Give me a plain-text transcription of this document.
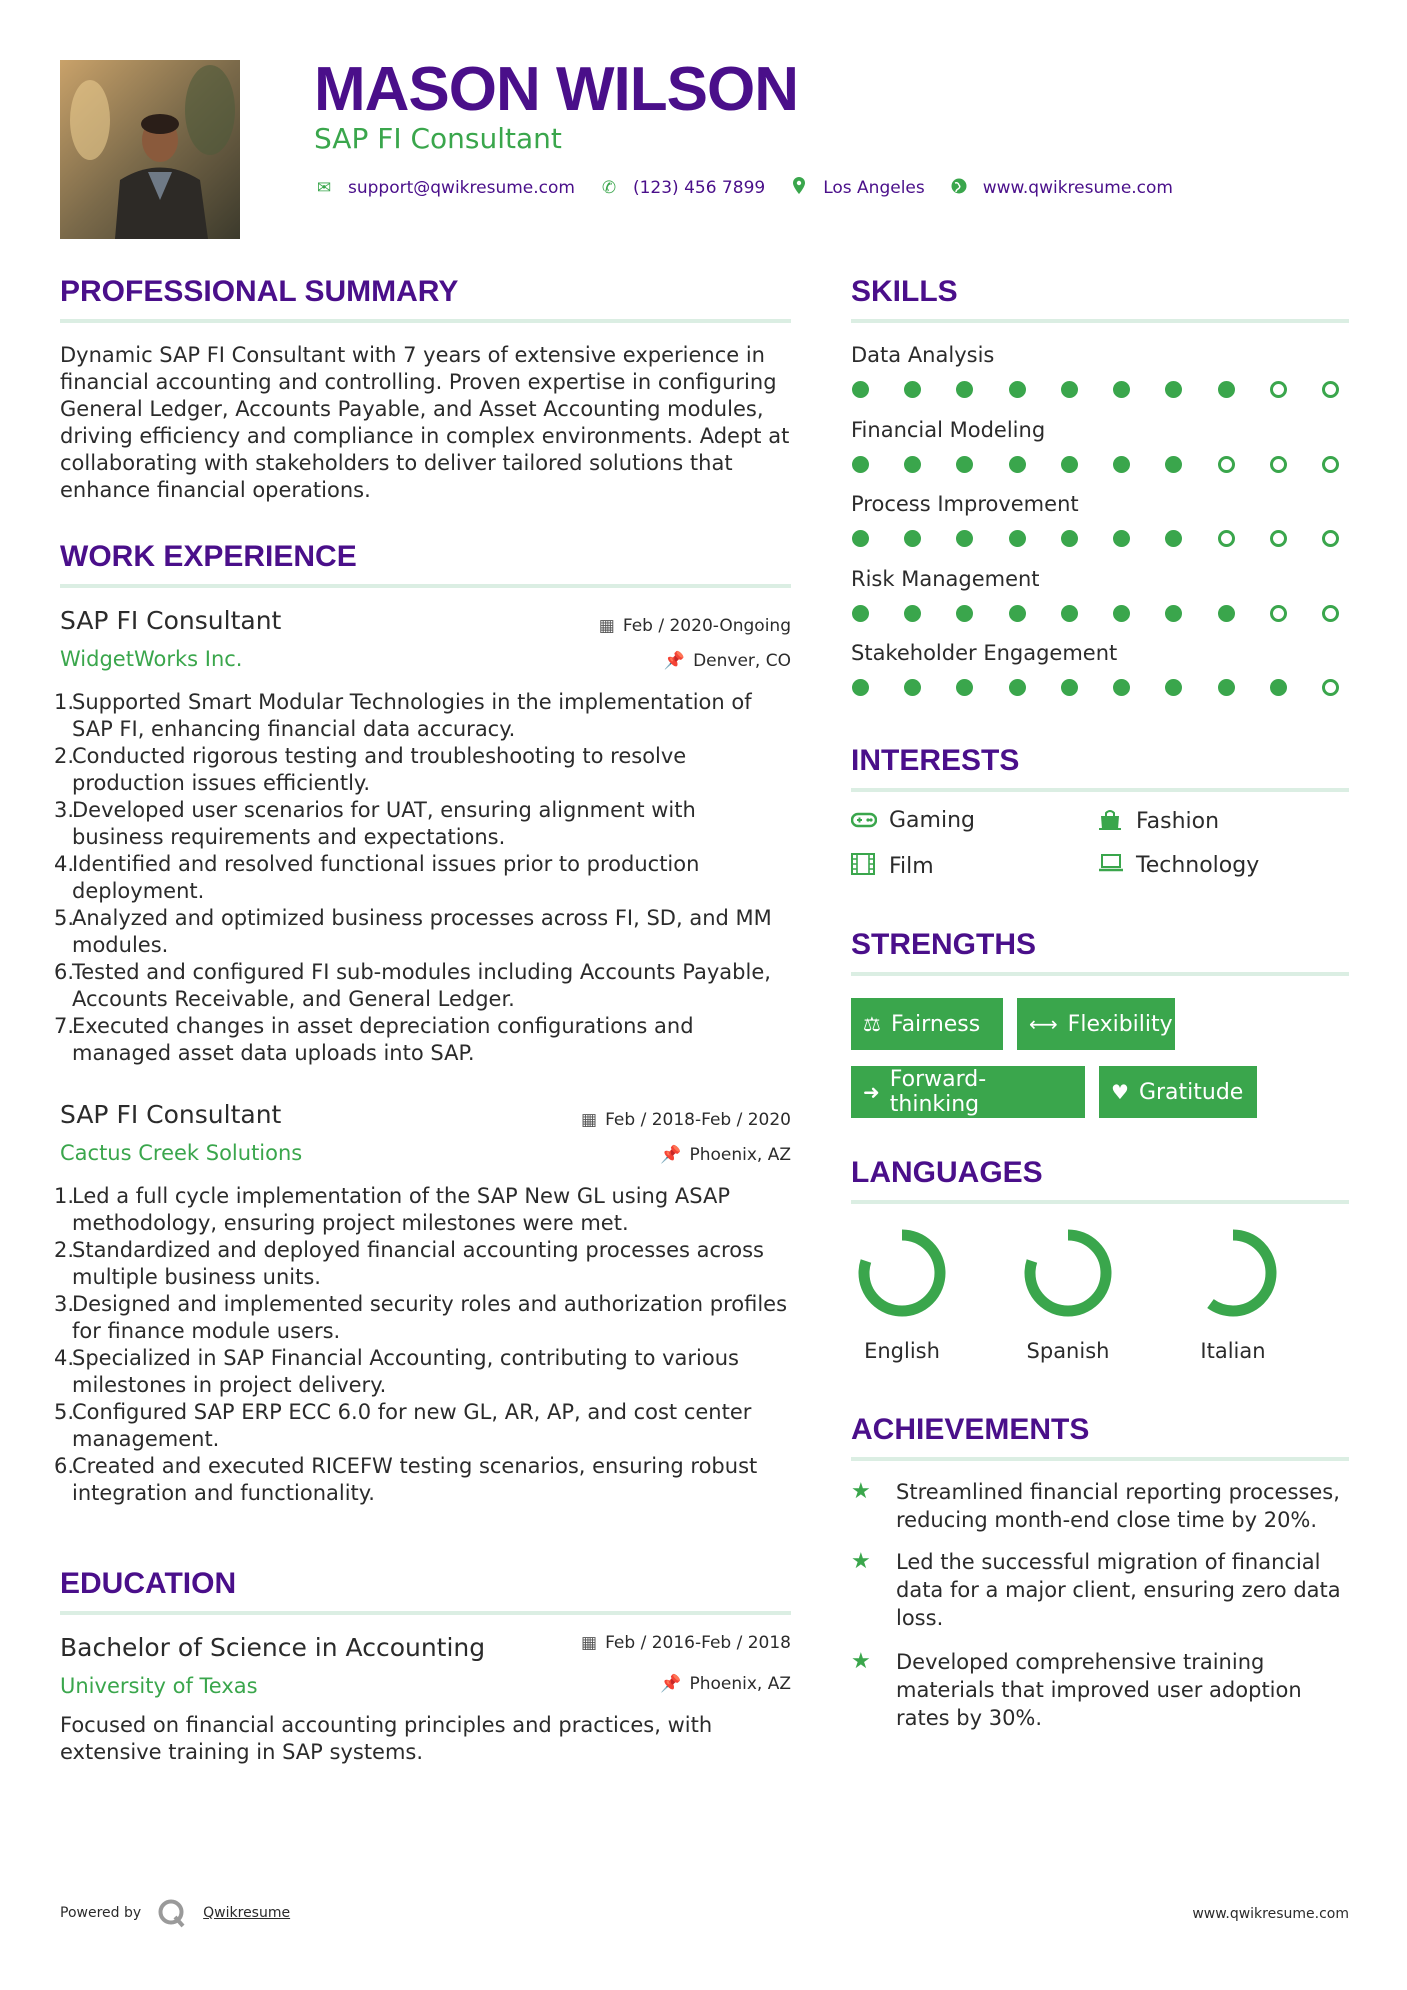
MASON WILSON
SAP FI Consultant
✉ support@qwikresume.com ✆ (123) 456 7899	Los Angeles	www.qwikresume.com
PROFESSIONAL SUMMARY
Dynamic SAP FI Consultant with 7 years of extensive experience in financial accounting and controlling. Proven expertise in configuring General Ledger, Accounts Payable, and Asset Accounting modules, driving efficiency and compliance in complex environments. Adept at collaborating with stakeholders to deliver tailored solutions that enhance financial operations.
WORK EXPERIENCE
SAP FI Consultant	▦ Feb / 2020-Ongoing
WidgetWorks Inc.	📌 Denver, CO
1.
Supported Smart Modular Technologies in the implementation of SAP FI, enhancing financial data accuracy.
2.
Conducted rigorous testing and troubleshooting to resolve production issues efficiently.
3.
Developed user scenarios for UAT, ensuring alignment with business requirements and expectations.
4.
Identified and resolved functional issues prior to production deployment.
5.
Analyzed and optimized business processes across FI, SD, and MM modules.
6.
Tested and configured FI sub-modules including Accounts Payable, Accounts Receivable, and General Ledger.
7.
Executed changes in asset depreciation configurations and managed asset data uploads into SAP.
SAP FI Consultant	▦ Feb / 2018-Feb / 2020
Cactus Creek Solutions	📌 Phoenix, AZ
1.
Led a full cycle implementation of the SAP New GL using ASAP methodology, ensuring project milestones were met.
2.
Standardized and deployed financial accounting processes across multiple business units.
3.
Designed and implemented security roles and authorization profiles for finance module users.
4.
Specialized in SAP Financial Accounting, contributing to various milestones in project delivery.
5.
Configured SAP ERP ECC 6.0 for new GL, AR, AP, and cost center management.
6.
Created and executed RICEFW testing scenarios, ensuring robust integration and functionality.
EDUCATION
Bachelor of Science in Accounting	▦ Feb / 2016-Feb / 2018
University of Texas	📌 Phoenix, AZ
Focused on financial accounting principles and practices, with extensive training in SAP systems.
SKILLS
Data Analysis
Financial Modeling
Process Improvement
Risk Management
Stakeholder Engagement
INTERESTS
Gaming	Fashion
Film	Technology
STRENGTHS
⚖ Fairness ⟷ Flexibility
➜ Forward-thinking	♥ Gratitude
LANGUAGES
English	Spanish	Italian
ACHIEVEMENTS
★	Streamlined financial reporting processes, reducing month-end close time by 20%.
★	Led the successful migration of financial data for a major client, ensuring zero data loss.
★	Developed comprehensive training materials that improved user adoption rates by 30%.
Powered by	Qwikresume	www.qwikresume.com
